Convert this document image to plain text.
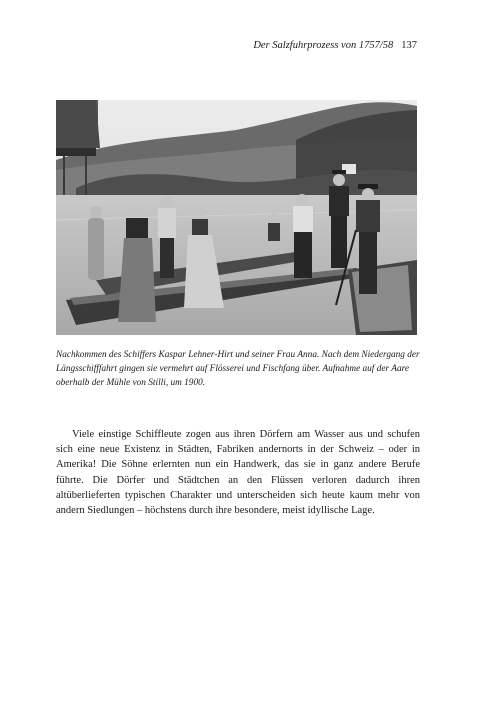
Der Salzfuhrprozess von 1757/58 137

Nachkommen des Schiffers Kaspar Lehner-Hirt und seiner Frau Anna. Nach dem Niedergang der Längsschifffahrt gingen sie vermehrt auf Flösserei und Fischfang über. Aufnahme auf der Aare oberhalb der Mühle von Stilli, um 1900.

Viele einstige Schiffleute zogen aus ihren Dörfern am Wasser aus und schufen sich eine neue Existenz in Städten, Fabriken andernorts in der Schweiz – oder in Amerika! Die Söhne erlernten nun ein Handwerk, das sie in ganz andere Berufe führte. Die Dörfer und Städtchen an den Flüssen verloren dadurch ihren altüberlieferten typischen Charakter und unterscheiden sich heute kaum mehr von andern Siedlungen – höchstens durch ihre besondere, meist idyllische Lage.
